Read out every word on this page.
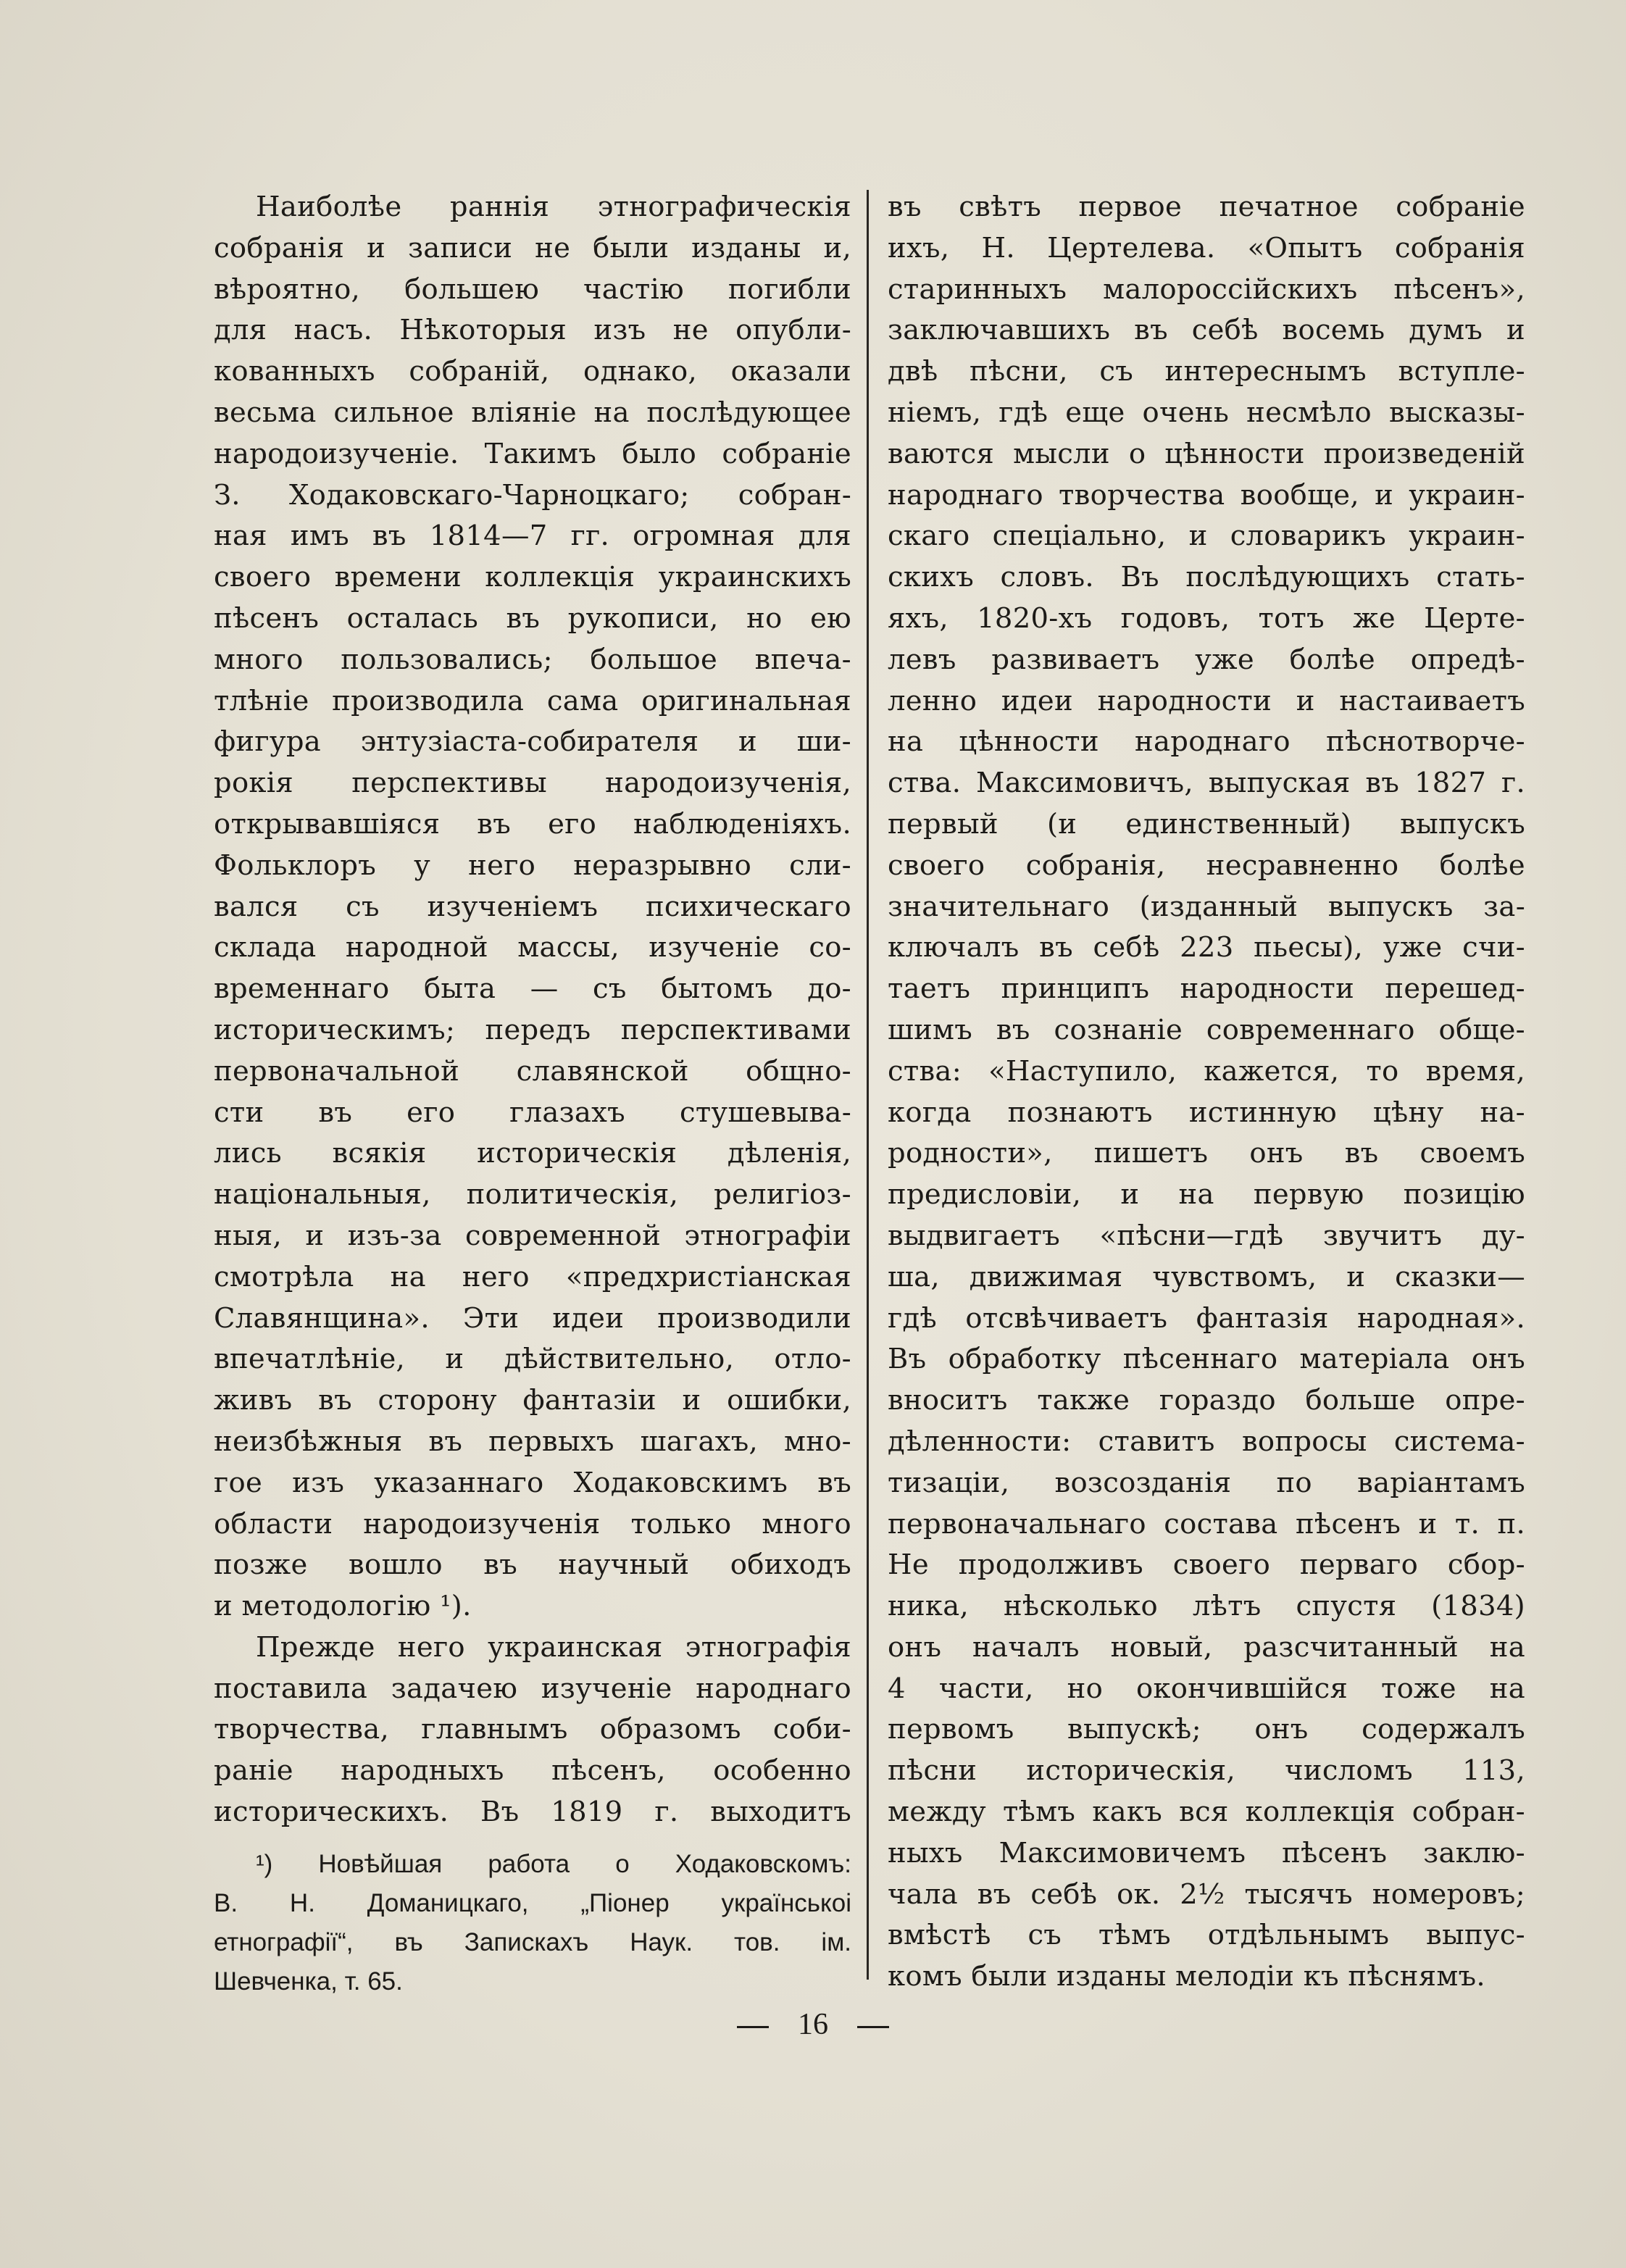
Наиболѣе раннія этнографическія
собранія и записи не были изданы и,
вѣроятно, большею частію погибли
для насъ. Нѣкоторыя изъ не опубли-
кованныхъ собраній, однако, оказали
весьма сильное вліяніе на послѣдующее
народоизученіе. Такимъ было собраніе
З. Ходаковскаго-Чарноцкаго; собран-
ная имъ въ 1814—7 гг. огромная для
своего времени коллекція украинскихъ
пѣсенъ осталась въ рукописи, но ею
много пользовались; большое впеча-
тлѣніе производила сама оригинальная
фигура энтузіаста-собирателя и ши-
рокія перспективы народоизученія,
открывавшіяся въ его наблюденіяхъ.
Фольклоръ у него неразрывно сли-
вался съ изученіемъ психическаго
склада народной массы, изученіе со-
временнаго быта — съ бытомъ до-
историческимъ; передъ перспективами
первоначальной славянской общно-
сти въ его глазахъ стушевыва-
лись всякія историческія дѣленія,
національныя, политическія, религіоз-
ныя, и изъ-за современной этнографіи
смотрѣла на него «предхристіанская
Славянщина». Эти идеи производили
впечатлѣніе, и дѣйствительно, отло-
живъ въ сторону фантазіи и ошибки,
неизбѣжныя въ первыхъ шагахъ, мно-
гое изъ указаннаго Ходаковскимъ въ
области народоизученія только много
позже вошло въ научный обиходъ
и методологію ¹).
Прежде него украинская этнографія
поставила задачею изученіе народнаго
творчества, главнымъ образомъ соби-
раніе народныхъ пѣсенъ, особенно
историческихъ. Въ 1819 г. выходитъ
въ свѣтъ первое печатное собраніе
ихъ, Н. Цертелева. «Опытъ собранія
старинныхъ малороссійскихъ пѣсенъ»,
заключавшихъ въ себѣ восемь думъ и
двѣ пѣсни, съ интереснымъ вступле-
ніемъ, гдѣ еще очень несмѣло высказы-
ваются мысли о цѣнности произведеній
народнаго творчества вообще, и украин-
скаго спеціально, и словарикъ украин-
скихъ словъ. Въ послѣдующихъ стать-
яхъ, 1820-хъ годовъ, тотъ же Церте-
левъ развиваетъ уже болѣе опредѣ-
ленно идеи народности и настаиваетъ
на цѣнности народнаго пѣснотворче-
ства. Максимовичъ, выпуская въ 1827 г.
первый (и единственный) выпускъ
своего собранія, несравненно болѣе
значительнаго (изданный выпускъ за-
ключалъ въ себѣ 223 пьесы), уже счи-
таетъ принципъ народности перешед-
шимъ въ сознаніе современнаго обще-
ства: «Наступило, кажется, то время,
когда познаютъ истинную цѣну на-
родности», пишетъ онъ въ своемъ
предисловіи, и на первую позицію
выдвигаетъ «пѣсни—гдѣ звучитъ ду-
ша, движимая чувствомъ, и сказки—
гдѣ отсвѣчиваетъ фантазія народная».
Въ обработку пѣсеннаго матеріала онъ
вноситъ также гораздо больше опре-
дѣленности: ставитъ вопросы система-
тизаціи, возсозданія по варіантамъ
первоначальнаго состава пѣсенъ и т. п.
Не продолживъ своего перваго сбор-
ника, нѣсколько лѣтъ спустя (1834)
онъ началъ новый, разсчитанный на
4 части, но окончившійся тоже на
первомъ выпускѣ; онъ содержалъ
пѣсни историческія, числомъ 113,
между тѣмъ какъ вся коллекція собран-
ныхъ Максимовичемъ пѣсенъ заклю-
чала въ себѣ ок. 2½ тысячъ номеровъ;
вмѣстѣ съ тѣмъ отдѣльнымъ выпус-
комъ были изданы мелодіи къ пѣснямъ.
¹) Новѣйшая работа о Ходаковскомъ:
В. Н. Доманицкаго, „Піонер українськоі
етнографії“, въ Запискахъ Наук. тов. ім.
Шевченка, т. 65.
16
